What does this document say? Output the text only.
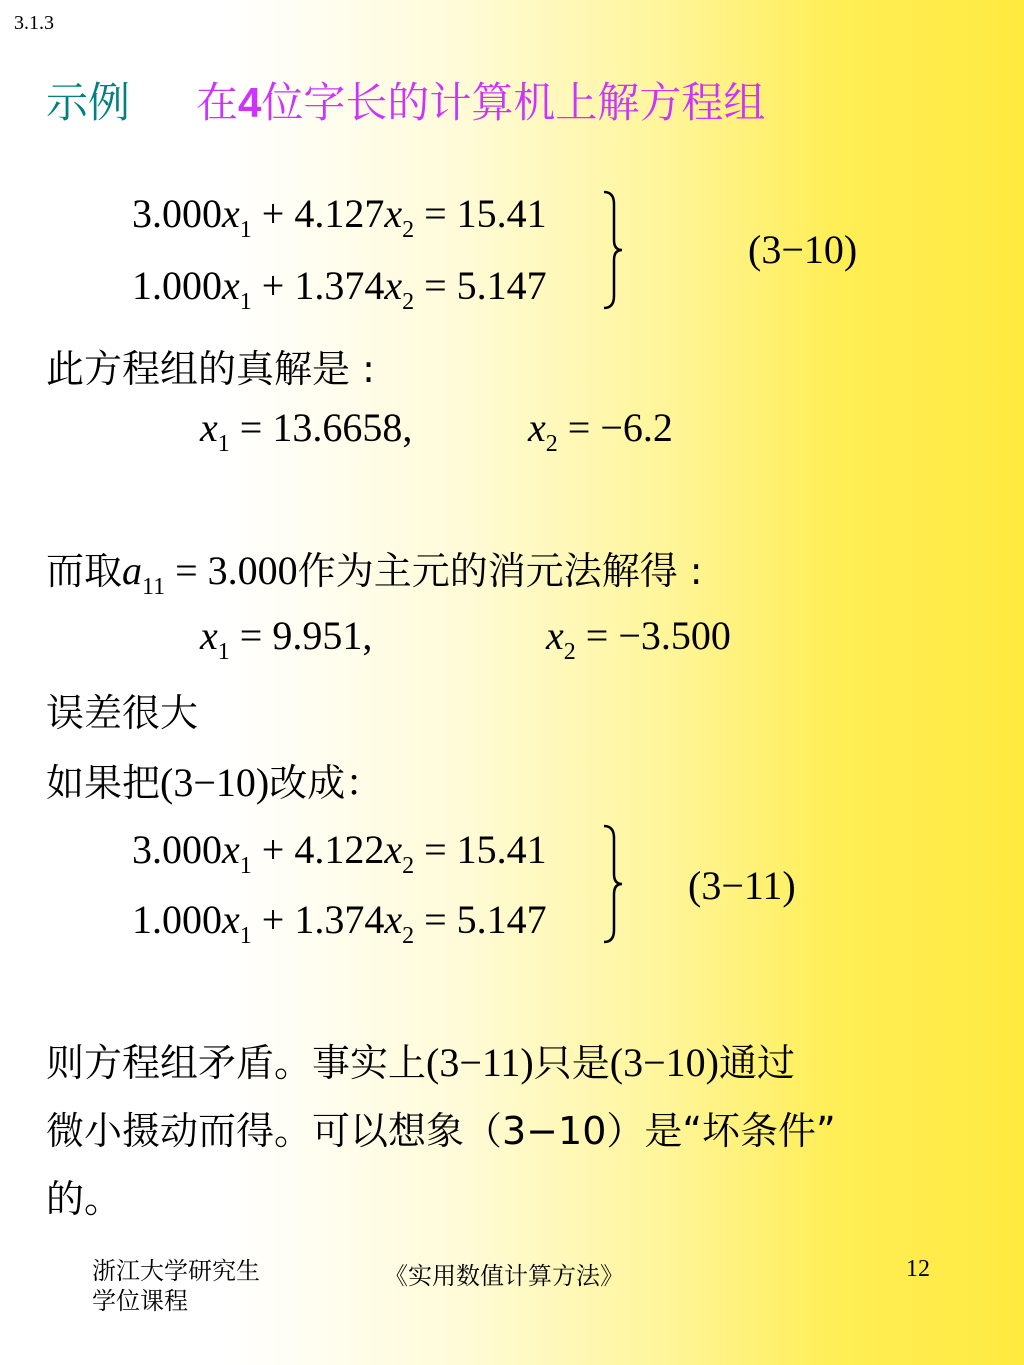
3.1.3
示例 在4位字长的计算机上解方程组
$3.000x_1 + 4.127x_2 = 15.41$
$1.000x_1 + 1.374x_2 = 5.147$
(3−10)
此方程组的真解是 :
$x_1 = 13.6658$,	$x_2 = -6.2$
而取$a_{11} = 3.000$作为主元的消元法解得 :
$x_1 = 9.951$,	$x_2 = -3.500$
误差很大
如果把(3−10)改成：
$3.000x_1 + 4.122x_2 = 15.41$
$1.000x_1 + 1.374x_2 = 5.147$
(3−11)
则方程组矛盾。事实上(3−11)只是(3−10)通过
微小摄动而得。可以想象（3−10）是“坏条件”
的。
浙江大学研究生
学位课程
《实用数值计算方法》	12
